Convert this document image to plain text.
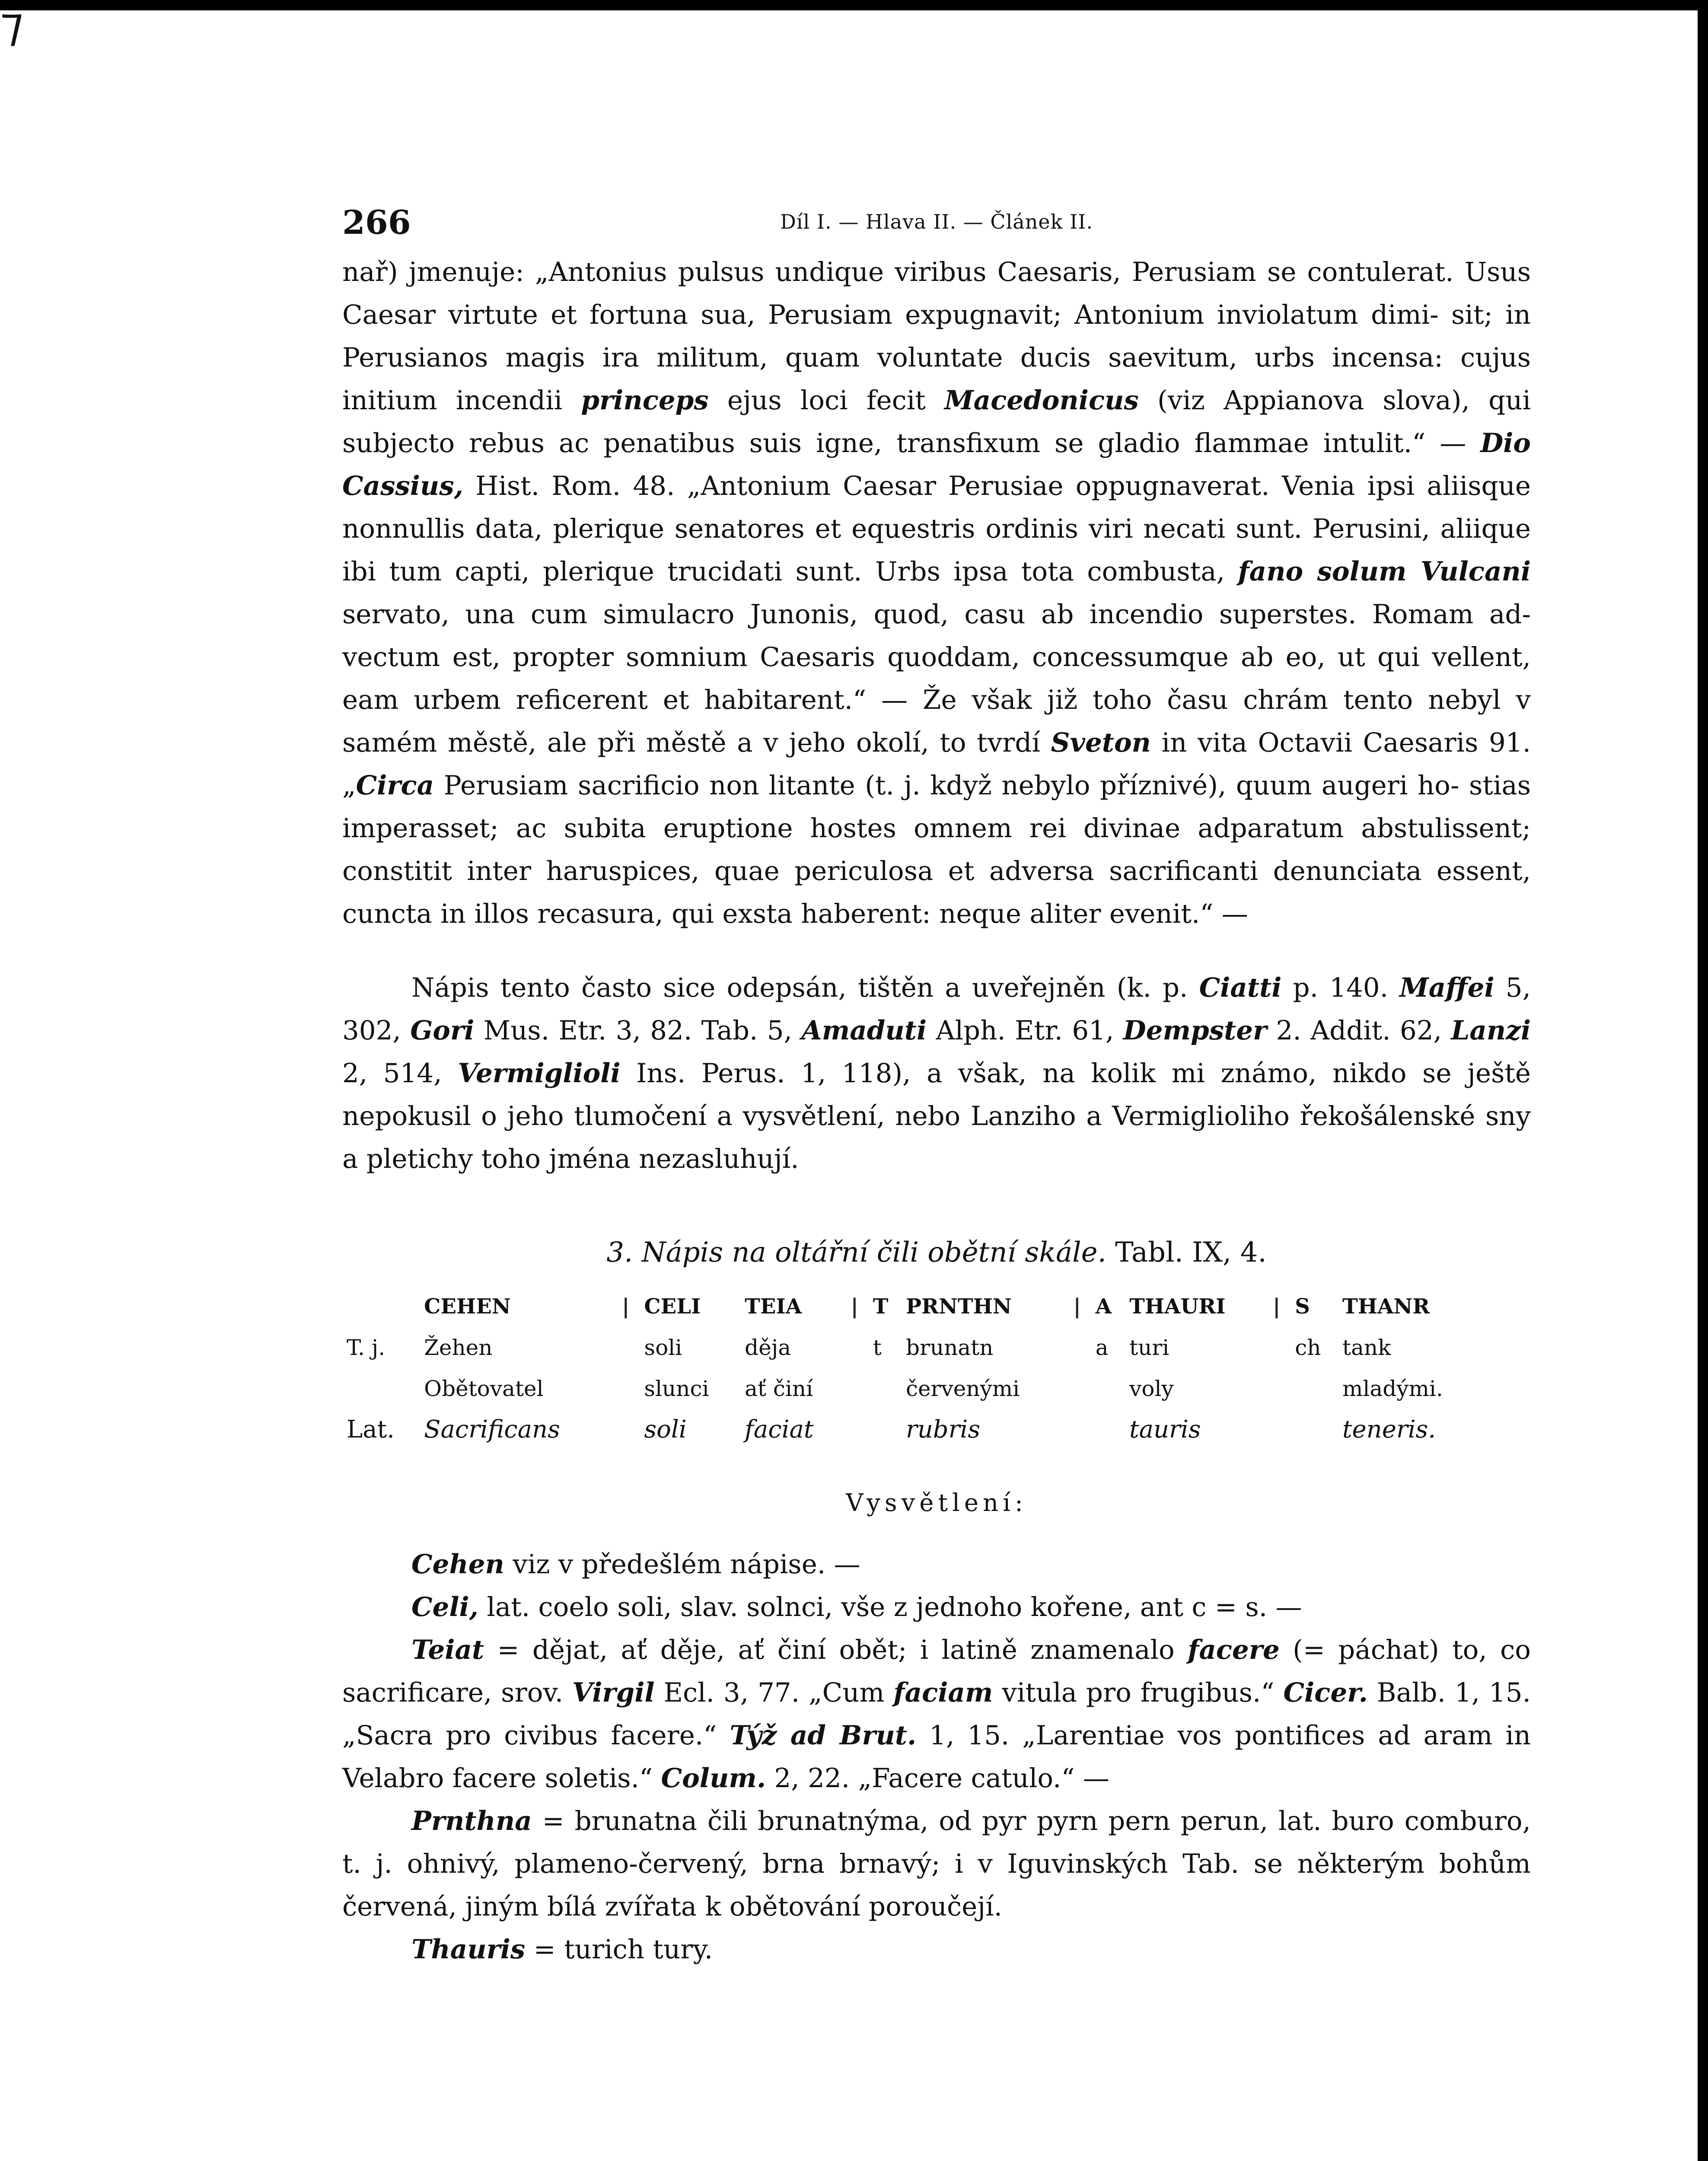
⁊
266	Díl I. — Hlava II. — Článek II.
nař) jmenuje: „Antonius pulsus undique viribus Caesaris, Perusiam se contulerat. Usus Caesar virtute et fortuna sua, Perusiam expugnavit; Antonium inviolatum dimi- sit; in Perusianos magis ira militum, quam voluntate ducis saevitum, urbs incensa: cujus initium incendii princeps ejus loci fecit Macedonicus (viz Appianova slova), qui subjecto rebus ac penatibus suis igne, transfixum se gladio flammae intulit.“ — Dio Cassius, Hist. Rom. 48. „Antonium Caesar Perusiae oppugnaverat. Venia ipsi aliisque nonnullis data, plerique senatores et equestris ordinis viri necati sunt. Perusini, aliique ibi tum capti, plerique trucidati sunt. Urbs ipsa tota combusta, fano solum Vulcani servato, una cum simulacro Junonis, quod, casu ab incendio superstes. Romam ad- vectum est, propter somnium Caesaris quoddam, concessumque ab eo, ut qui vellent, eam urbem reficerent et habitarent.“ — Že však již toho času chrám tento nebyl v samém městě, ale při městě a v jeho okolí, to tvrdí Sveton in vita Octavii Caesaris 91. „Circa Perusiam sacrificio non litante (t. j. když nebylo příznivé), quum augeri ho- stias imperasset; ac subita eruptione hostes omnem rei divinae adparatum abstulissent; constitit inter haruspices, quae periculosa et adversa sacrificanti denunciata essent, cuncta in illos recasura, qui exsta haberent: neque aliter evenit.“ —
Nápis tento často sice odepsán, tištěn a uveřejněn (k. p. Ciatti p. 140. Maffei 5, 302, Gori Mus. Etr. 3, 82. Tab. 5, Amaduti Alph. Etr. 61, Dempster 2. Addit. 62, Lanzi 2, 514, Vermiglioli Ins. Perus. 1, 118), a však, na kolik mi známo, nikdo se ještě nepokusil o jeho tlumočení a vysvětlení, nebo Lanziho a Vermiglioliho řekošálenské sny a pletichy toho jména nezasluhují.
3. Nápis na oltářní čili obětní skále. Tabl. IX, 4.
	CEHEN	|	CELI	TEIA	|	T	PRNTHN	|	A	THAURI	|	S	THANR
T. j.	Žehen		soli	děja		t	brunatn		a	turi		ch	tank
	Obětovatel		slunci	ať činí			červenými			voly			mladými.
Lat.	Sacrificans		soli	faciat			rubris			tauris			teneris.
Vysvětlení:
Cehen viz v předešlém nápise. —
Celi, lat. coelo soli, slav. solnci, vše z jednoho kořene, ant c = s. —
Teiat = dějat, ať děje, ať činí obět; i latině znamenalo facere (= páchat) to, co sacrificare, srov. Virgil Ecl. 3, 77. „Cum faciam vitula pro frugibus.“ Cicer. Balb. 1, 15. „Sacra pro civibus facere.“ Týž ad Brut. 1, 15. „Larentiae vos pontifices ad aram in Velabro facere soletis.“ Colum. 2, 22. „Facere catulo.“ —
Prnthna = brunatna čili brunatnýma, od pyr pyrn pern perun, lat. buro comburo, t. j. ohnivý, plameno-červený, brna brnavý; i v Iguvinských Tab. se některým bohům červená, jiným bílá zvířata k obětování poroučejí.
Thauris = turich tury.
